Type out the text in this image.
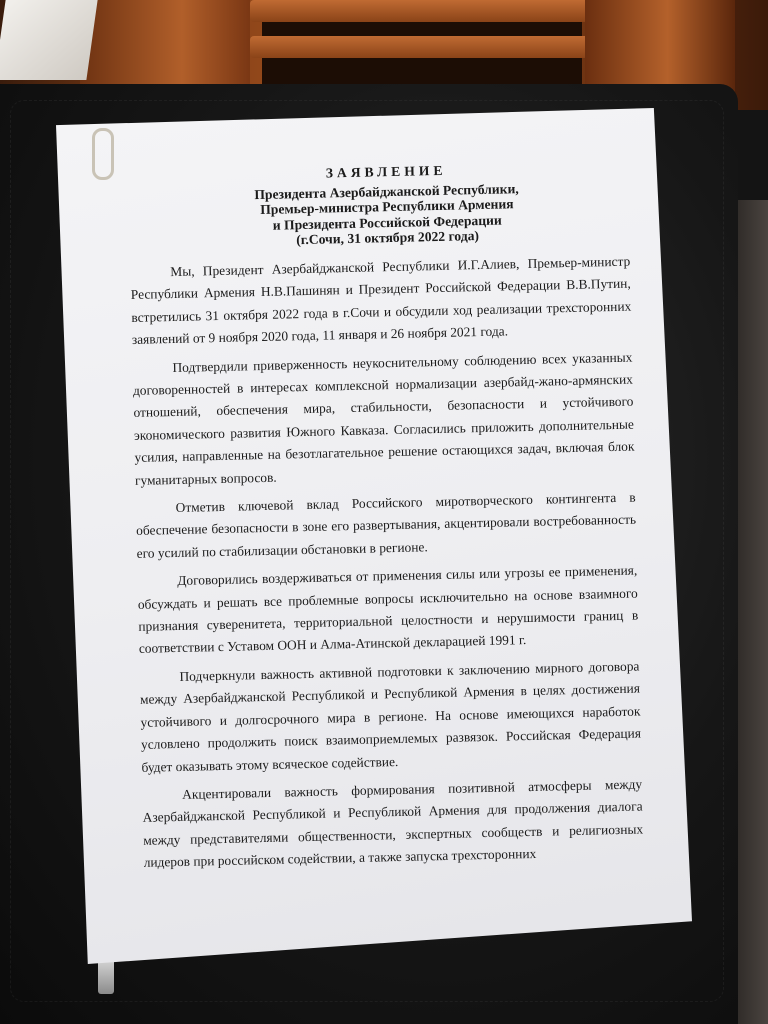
ЗАЯВЛЕНИЕ
Президента Азербайджанской Республики,
Премьер-министра Республики Армения
и Президента Российской Федерации
(г.Сочи, 31 октября 2022 года)

Мы, Президент Азербайджанской Республики И.Г.Алиев, Премьер-министр Республики Армения Н.В.Пашинян и Президент Российской Федерации В.В.Путин, встретились 31 октября 2022 года в г.Сочи и обсудили ход реализации трехсторонних заявлений от 9 ноября 2020 года, 11 января и 26 ноября 2021 года.

Подтвердили приверженность неукоснительному соблюдению всех указанных договоренностей в интересах комплексной нормализации азербайд-жано-армянских отношений, обеспечения мира, стабильности, безопасности и устойчивого экономического развития Южного Кавказа. Согласились приложить дополнительные усилия, направленные на безотлагательное решение остающихся задач, включая блок гуманитарных вопросов.

Отметив ключевой вклад Российского миротворческого контингента в обеспечение безопасности в зоне его развертывания, акцентировали востребованность его усилий по стабилизации обстановки в регионе.

Договорились воздерживаться от применения силы или угрозы ее применения, обсуждать и решать все проблемные вопросы исключительно на основе взаимного признания суверенитета, территориальной целостности и нерушимости границ в соответствии с Уставом ООН и Алма-Атинской декларацией 1991 г.

Подчеркнули важность активной подготовки к заключению мирного договора между Азербайджанской Республикой и Республикой Армения в целях достижения устойчивого и долгосрочного мира в регионе. На основе имеющихся наработок условлено продолжить поиск взаимоприемлемых развязок. Российская Федерация будет оказывать этому всяческое содействие.

Акцентировали важность формирования позитивной атмосферы между Азербайджанской Республикой и Республикой Армения для продолжения диалога между представителями общественности, экспертных сообществ и религиозных лидеров при российском содействии, а также запуска трехсторонних
